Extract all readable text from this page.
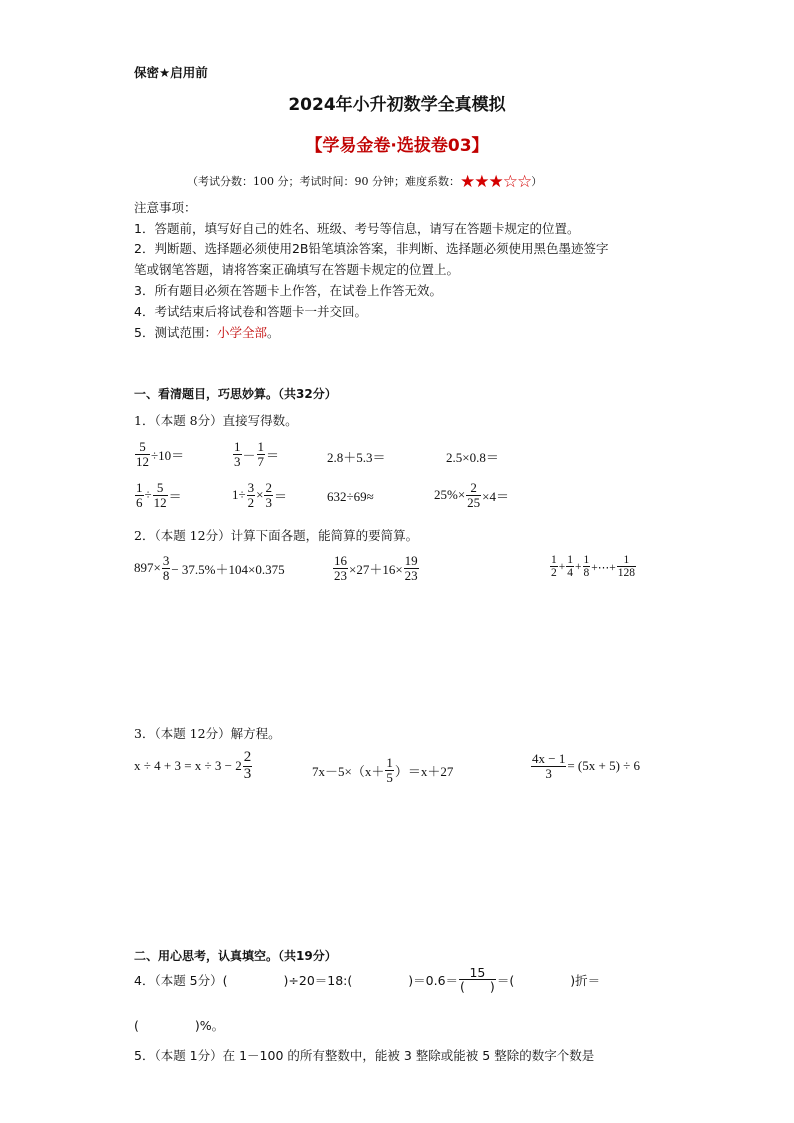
保密★启用前
2024年小升初数学全真模拟
【学易金卷·选拔卷03】
（考试分数：100 分；考试时间：90 分钟；难度系数：★★★☆☆）
注意事项：
1．答题前，填写好自己的姓名、班级、考号等信息，请写在答题卡规定的位置。
2．判断题、选择题必须使用2B铅笔填涂答案，非判断、选择题必须使用黑色墨迹签字
笔或钢笔答题，请将答案正确填写在答题卡规定的位置上。
3．所有题目必须在答题卡上作答，在试卷上作答无效。
4．考试结束后将试卷和答题卡一并交回。
5．测试范围：小学全部。
一、看清题目，巧思妙算。（共32分）
1．（本题 8分）直接写得数。
$\frac{5}{12} \div 10=$	$\frac{1}{3} - \frac{1}{7}$ ＝	2.8＋5.3＝	2.5×0.8＝
$\frac{1}{6} \div \frac{5}{12}$ ＝	$1\div \frac{3}{2} \times \frac{2}{3}$ ＝	632÷69≈	$25\%\times \frac{2}{25} \times 4=$
2．（本题 12分）计算下面各题，能简算的要简算。
$897\times \frac{3}{8} - 37.5\%+104\times 0.375$	$\frac{16}{23} \times 27+16\times \frac{19}{23}$	$\frac{1}{2} + \frac{1}{4} + \frac{1}{8}$ +⋯+ $\frac{1}{128}$
3．（本题 12分）解方程。
$x \div 4 + 3 = x \div 3 - 2 \frac{2}{3}$	$7x-5\times(x+ \frac{1}{5} )=x+27$	$\frac{4x - 1}{3} = (5x + 5) \div 6$
二、用心思考，认真填空。（共19分）
4．（本题 5分）(	)÷20＝18:(	)$=0.6= \frac{15}{( )}$ ＝(	)折＝
(	)%。
5．（本题 1分）在 1－100 的所有整数中，能被 3 整除或能被 5 整除的数字个数是
